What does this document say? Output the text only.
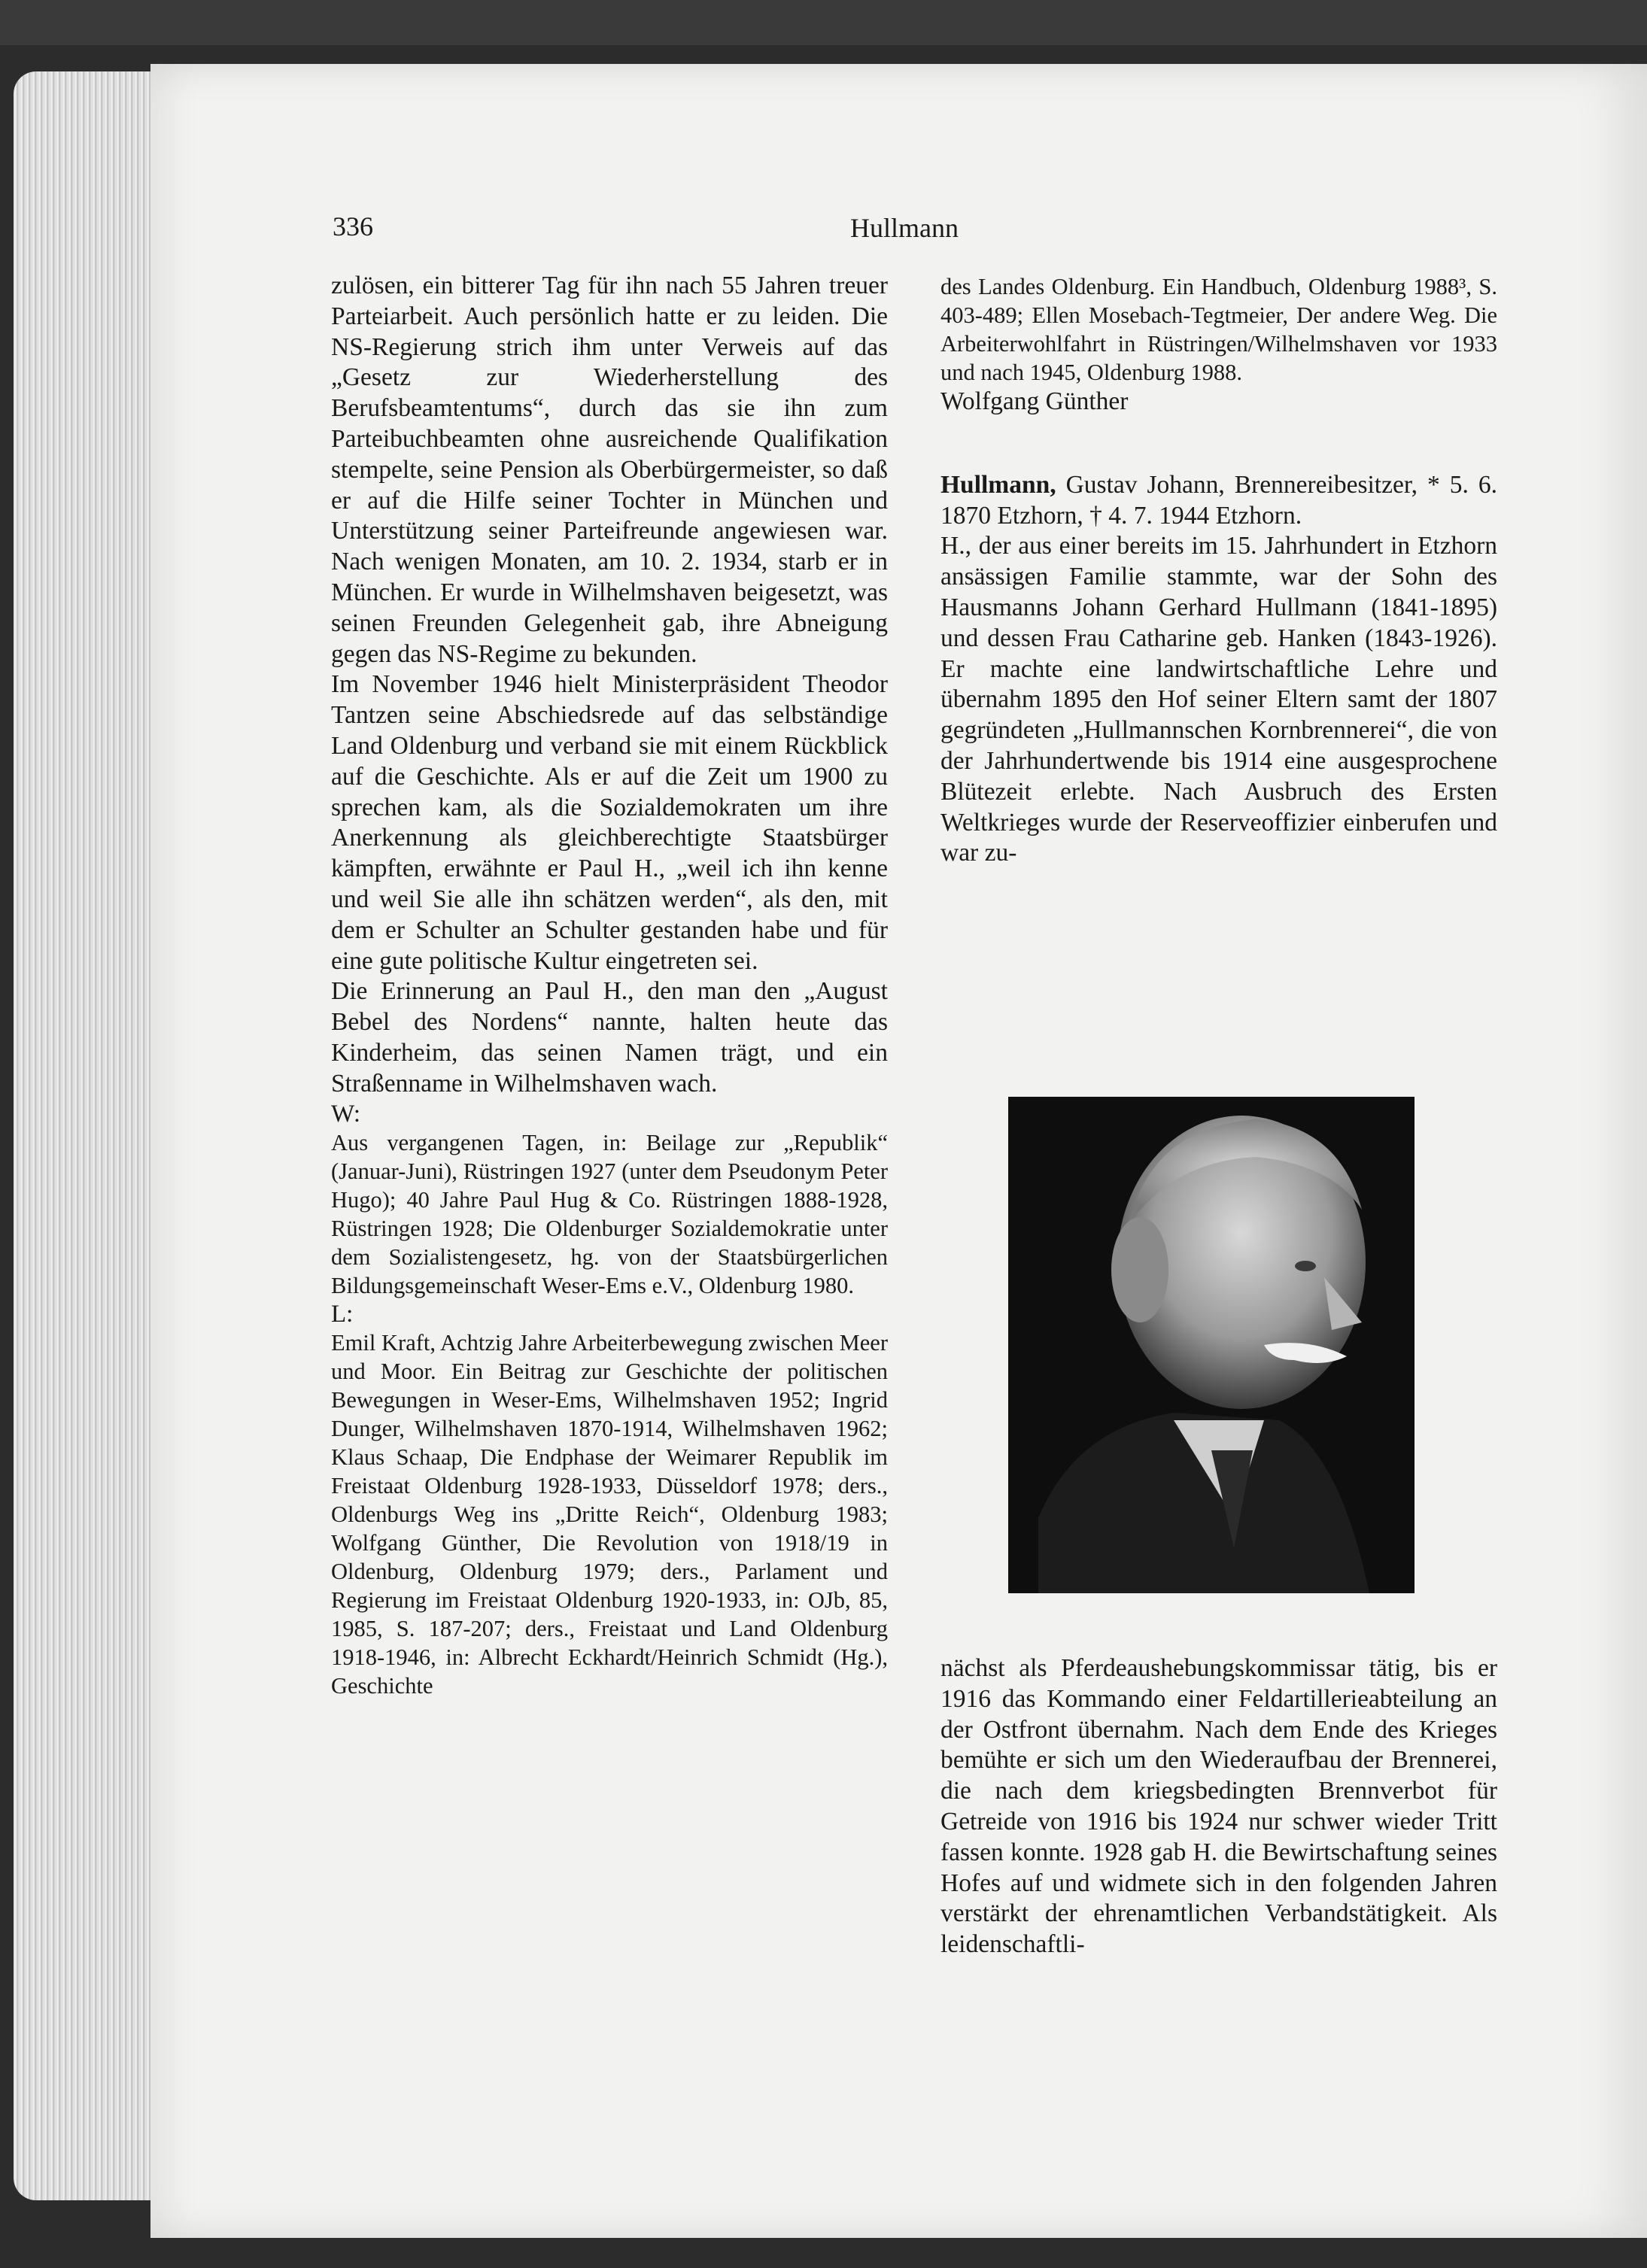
336	Hullmann

zulösen, ein bitterer Tag für ihn nach 55 Jahren treuer Parteiarbeit. Auch persönlich hatte er zu leiden. Die NS-Regierung strich ihm unter Verweis auf das „Gesetz zur Wiederherstellung des Berufsbeamtentums“, durch das sie ihn zum Parteibuchbeamten ohne ausreichende Qualifikation stempelte, seine Pension als Oberbürgermeister, so daß er auf die Hilfe seiner Tochter in München und Unterstützung seiner Parteifreunde angewiesen war. Nach wenigen Monaten, am 10. 2. 1934, starb er in München. Er wurde in Wilhelmshaven beigesetzt, was seinen Freunden Gelegenheit gab, ihre Abneigung gegen das NS-Regime zu bekunden.

Im November 1946 hielt Ministerpräsident Theodor Tantzen seine Abschiedsrede auf das selbständige Land Oldenburg und verband sie mit einem Rückblick auf die Geschichte. Als er auf die Zeit um 1900 zu sprechen kam, als die Sozialdemokraten um ihre Anerkennung als gleichberechtigte Staatsbürger kämpften, erwähnte er Paul H., „weil ich ihn kenne und weil Sie alle ihn schätzen werden“, als den, mit dem er Schulter an Schulter gestanden habe und für eine gute politische Kultur eingetreten sei.

Die Erinnerung an Paul H., den man den „August Bebel des Nordens“ nannte, halten heute das Kinderheim, das seinen Namen trägt, und ein Straßenname in Wilhelmshaven wach.

W:

Aus vergangenen Tagen, in: Beilage zur „Republik“ (Januar-Juni), Rüstringen 1927 (unter dem Pseudonym Peter Hugo); 40 Jahre Paul Hug & Co. Rüstringen 1888-1928, Rüstringen 1928; Die Oldenburger Sozialdemokratie unter dem Sozialistengesetz, hg. von der Staatsbürgerlichen Bildungsgemeinschaft Weser-Ems e.V., Oldenburg 1980.

L:

Emil Kraft, Achtzig Jahre Arbeiterbewegung zwischen Meer und Moor. Ein Beitrag zur Geschichte der politischen Bewegungen in Weser-Ems, Wilhelmshaven 1952; Ingrid Dunger, Wilhelmshaven 1870-1914, Wilhelmshaven 1962; Klaus Schaap, Die Endphase der Weimarer Republik im Freistaat Oldenburg 1928-1933, Düsseldorf 1978; ders., Oldenburgs Weg ins „Dritte Reich“, Oldenburg 1983; Wolfgang Günther, Die Revolution von 1918/19 in Oldenburg, Oldenburg 1979; ders., Parlament und Regierung im Freistaat Oldenburg 1920-1933, in: OJb, 85, 1985, S. 187-207; ders., Freistaat und Land Oldenburg 1918-1946, in: Albrecht Eckhardt/Heinrich Schmidt (Hg.), Geschichte

des Landes Oldenburg. Ein Handbuch, Oldenburg 1988³, S. 403-489; Ellen Mosebach-Tegtmeier, Der andere Weg. Die Arbeiterwohlfahrt in Rüstringen/Wilhelmshaven vor 1933 und nach 1945, Oldenburg 1988.

Wolfgang Günther

Hullmann, Gustav Johann, Brennereibesitzer, * 5. 6. 1870 Etzhorn, † 4. 7. 1944 Etzhorn.

H., der aus einer bereits im 15. Jahrhundert in Etzhorn ansässigen Familie stammte, war der Sohn des Hausmanns Johann Gerhard Hullmann (1841-1895) und dessen Frau Catharine geb. Hanken (1843-1926). Er machte eine landwirtschaftliche Lehre und übernahm 1895 den Hof seiner Eltern samt der 1807 gegründeten „Hullmannschen Kornbrennerei“, die von der Jahrhundertwende bis 1914 eine ausgesprochene Blütezeit erlebte. Nach Ausbruch des Ersten Weltkrieges wurde der Reserveoffizier einberufen und war zu-

nächst als Pferdeaushebungskommissar tätig, bis er 1916 das Kommando einer Feldartillerieabteilung an der Ostfront übernahm. Nach dem Ende des Krieges bemühte er sich um den Wiederaufbau der Brennerei, die nach dem kriegsbedingten Brennverbot für Getreide von 1916 bis 1924 nur schwer wieder Tritt fassen konnte. 1928 gab H. die Bewirtschaftung seines Hofes auf und widmete sich in den folgenden Jahren verstärkt der ehrenamtlichen Verbandstätigkeit. Als leidenschaftli-
